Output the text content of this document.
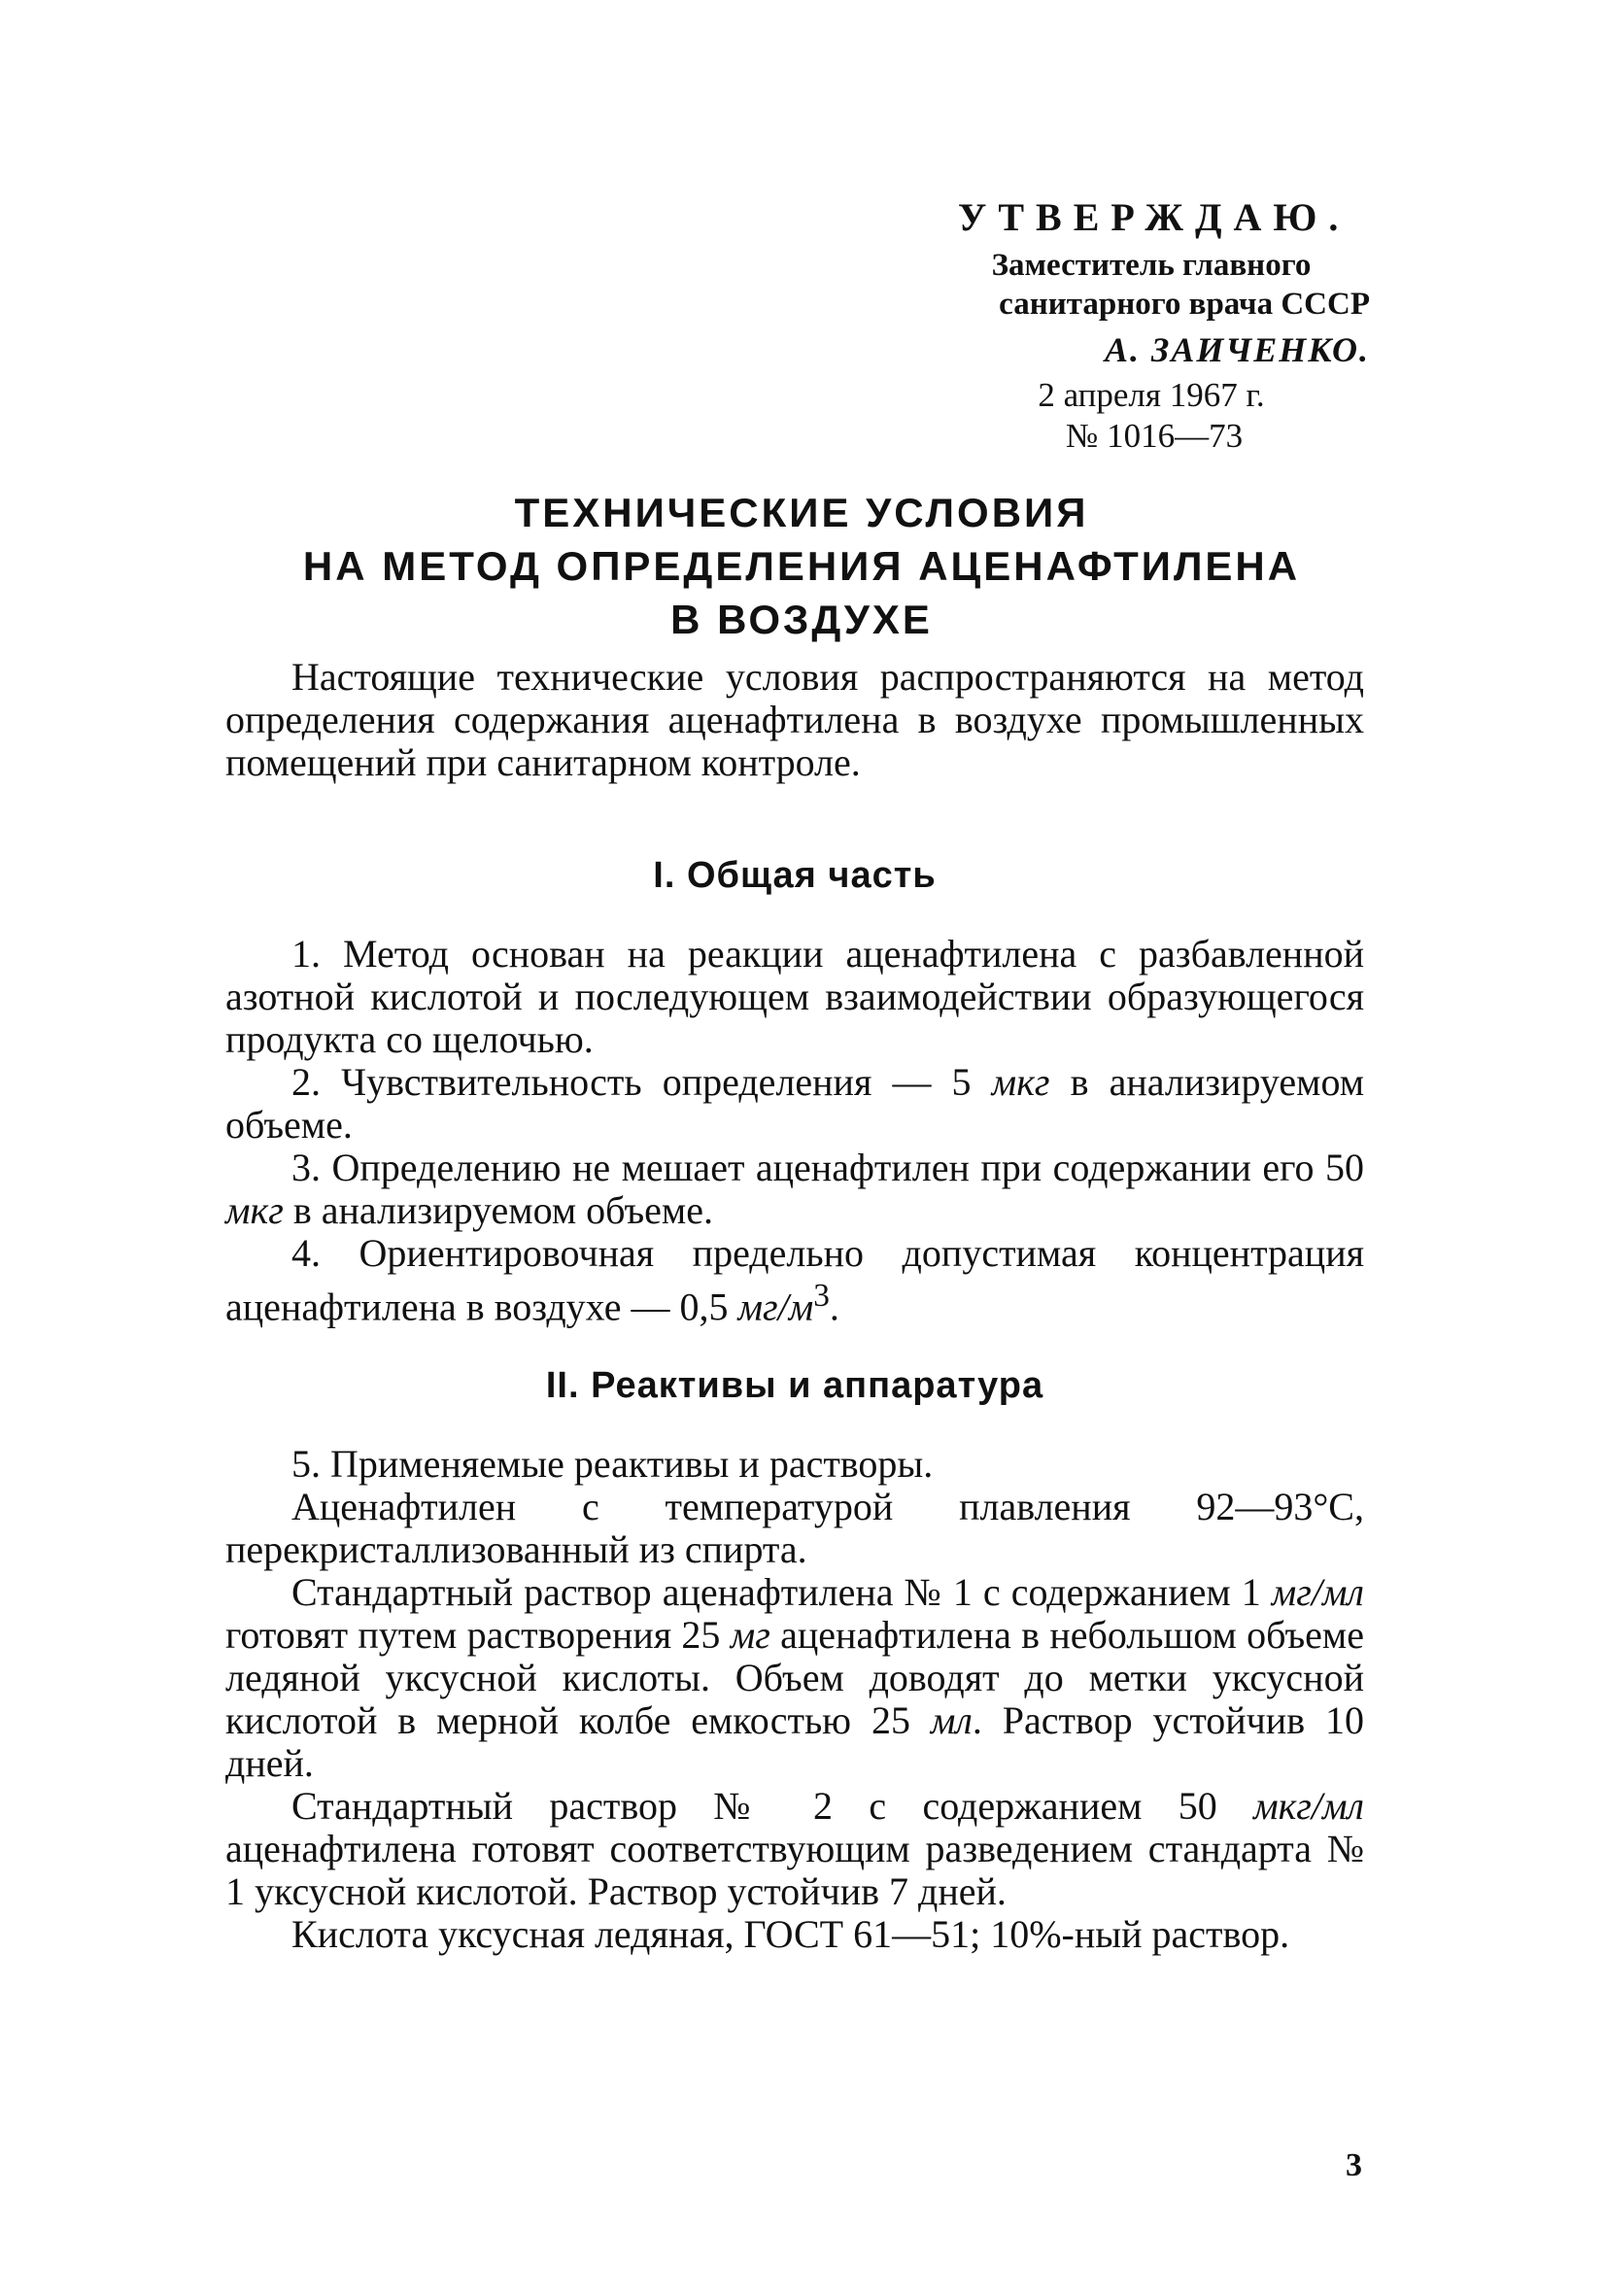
УТВЕРЖДАЮ.
Заместитель главного
санитарного врача СССР
А. ЗАИЧЕНКО.
2 апреля 1967 г.
№ 1016—73
ТЕХНИЧЕСКИЕ УСЛОВИЯ
НА МЕТОД ОПРЕДЕЛЕНИЯ АЦЕНАФТИЛЕНА
В ВОЗДУХЕ

Настоящие технические условия распространяются на метод определения содержания аценафтилена в воздухе промышленных помещений при санитарном контроле.

I. Общая часть

1. Метод основан на реакции аценафтилена с разбавленной азотной кислотой и последующем взаимодействии образующегося продукта со щелочью.

2. Чувствительность определения — 5 мкг в анализируемом объеме.

3. Определению не мешает аценафтилен при содержании его 50 мкг в анализируемом объеме.

4. Ориентировочная предельно допустимая концентрация аценафтилена в воздухе — 0,5 $мг/м^3$.

II. Реактивы и аппаратура

5. Применяемые реактивы и растворы.

Аценафтилен с температурой плавления 92—93°С, перекристаллизованный из спирта.

Стандартный раствор аценафтилена № 1 с содержанием 1 мг/мл готовят путем растворения 25 мг аценафтилена в небольшом объеме ледяной уксусной кислоты. Объем доводят до метки уксусной кислотой в мерной колбе емкостью 25 мл. Раствор устойчив 10 дней.

Стандартный раствор № 2 с содержанием 50 мкг/мл аценафтилена готовят соответствующим разведением стандарта № 1 уксусной кислотой. Раствор устойчив 7 дней.

Кислота уксусная ледяная, ГОСТ 61—51; 10%-ный раствор.

3
